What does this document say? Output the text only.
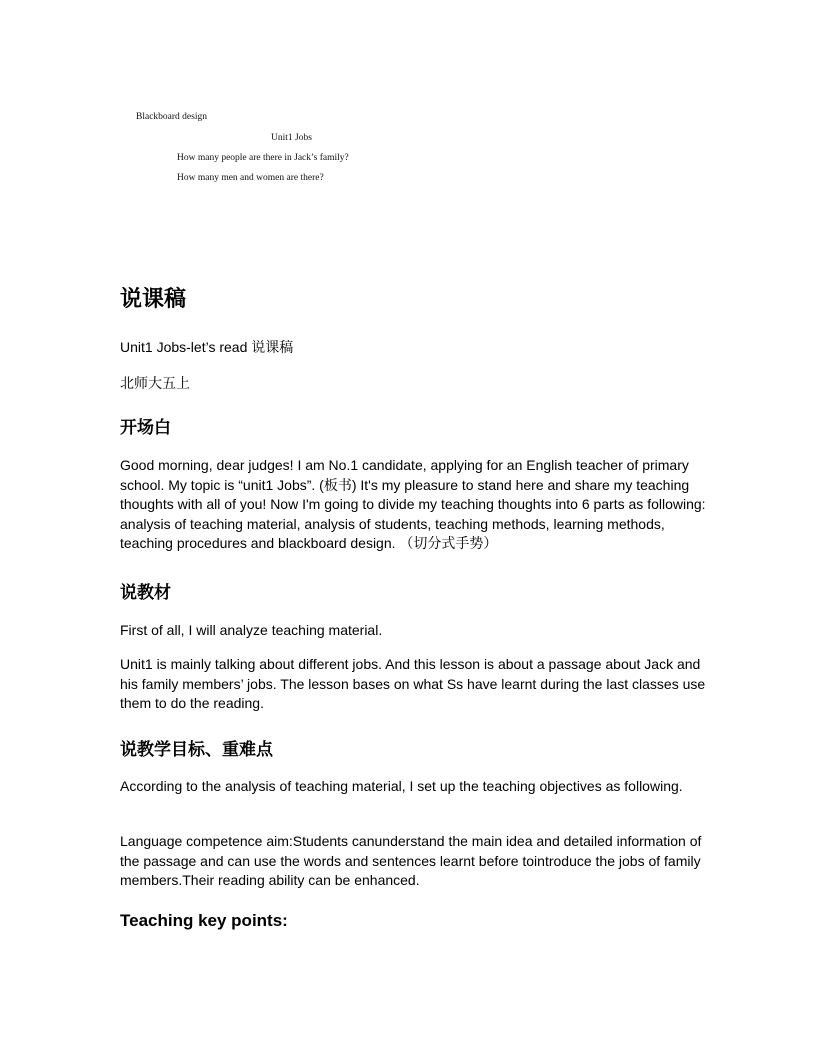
Blackboard design
Unit1 Jobs
How many people are there in Jack’s family?
How many men and women are there?
说课稿
Unit1 Jobs-let’s read 说课稿
北师大五上
开场白
Good morning, dear judges! I am No.1 candidate, applying for an English teacher of primary school. My topic is “unit1 Jobs”. (板书) It's my pleasure to stand here and share my teaching thoughts with all of you! Now I'm going to divide my teaching thoughts into 6 parts as following: analysis of teaching material, analysis of students, teaching methods, learning methods, teaching procedures and blackboard design. （切分式手势）
说教材
First of all, I will analyze teaching material.
Unit1 is mainly talking about different jobs. And this lesson is about a passage about Jack and his family members’ jobs. The lesson bases on what Ss have learnt during the last classes use them to do the reading.
说教学目标、重难点
According to the analysis of teaching material, I set up the teaching objectives as following.
Language competence aim:Students canunderstand the main idea and detailed information of the passage and can use the words and sentences learnt before tointroduce the jobs of family members.Their reading ability can be enhanced.
Teaching key points:
